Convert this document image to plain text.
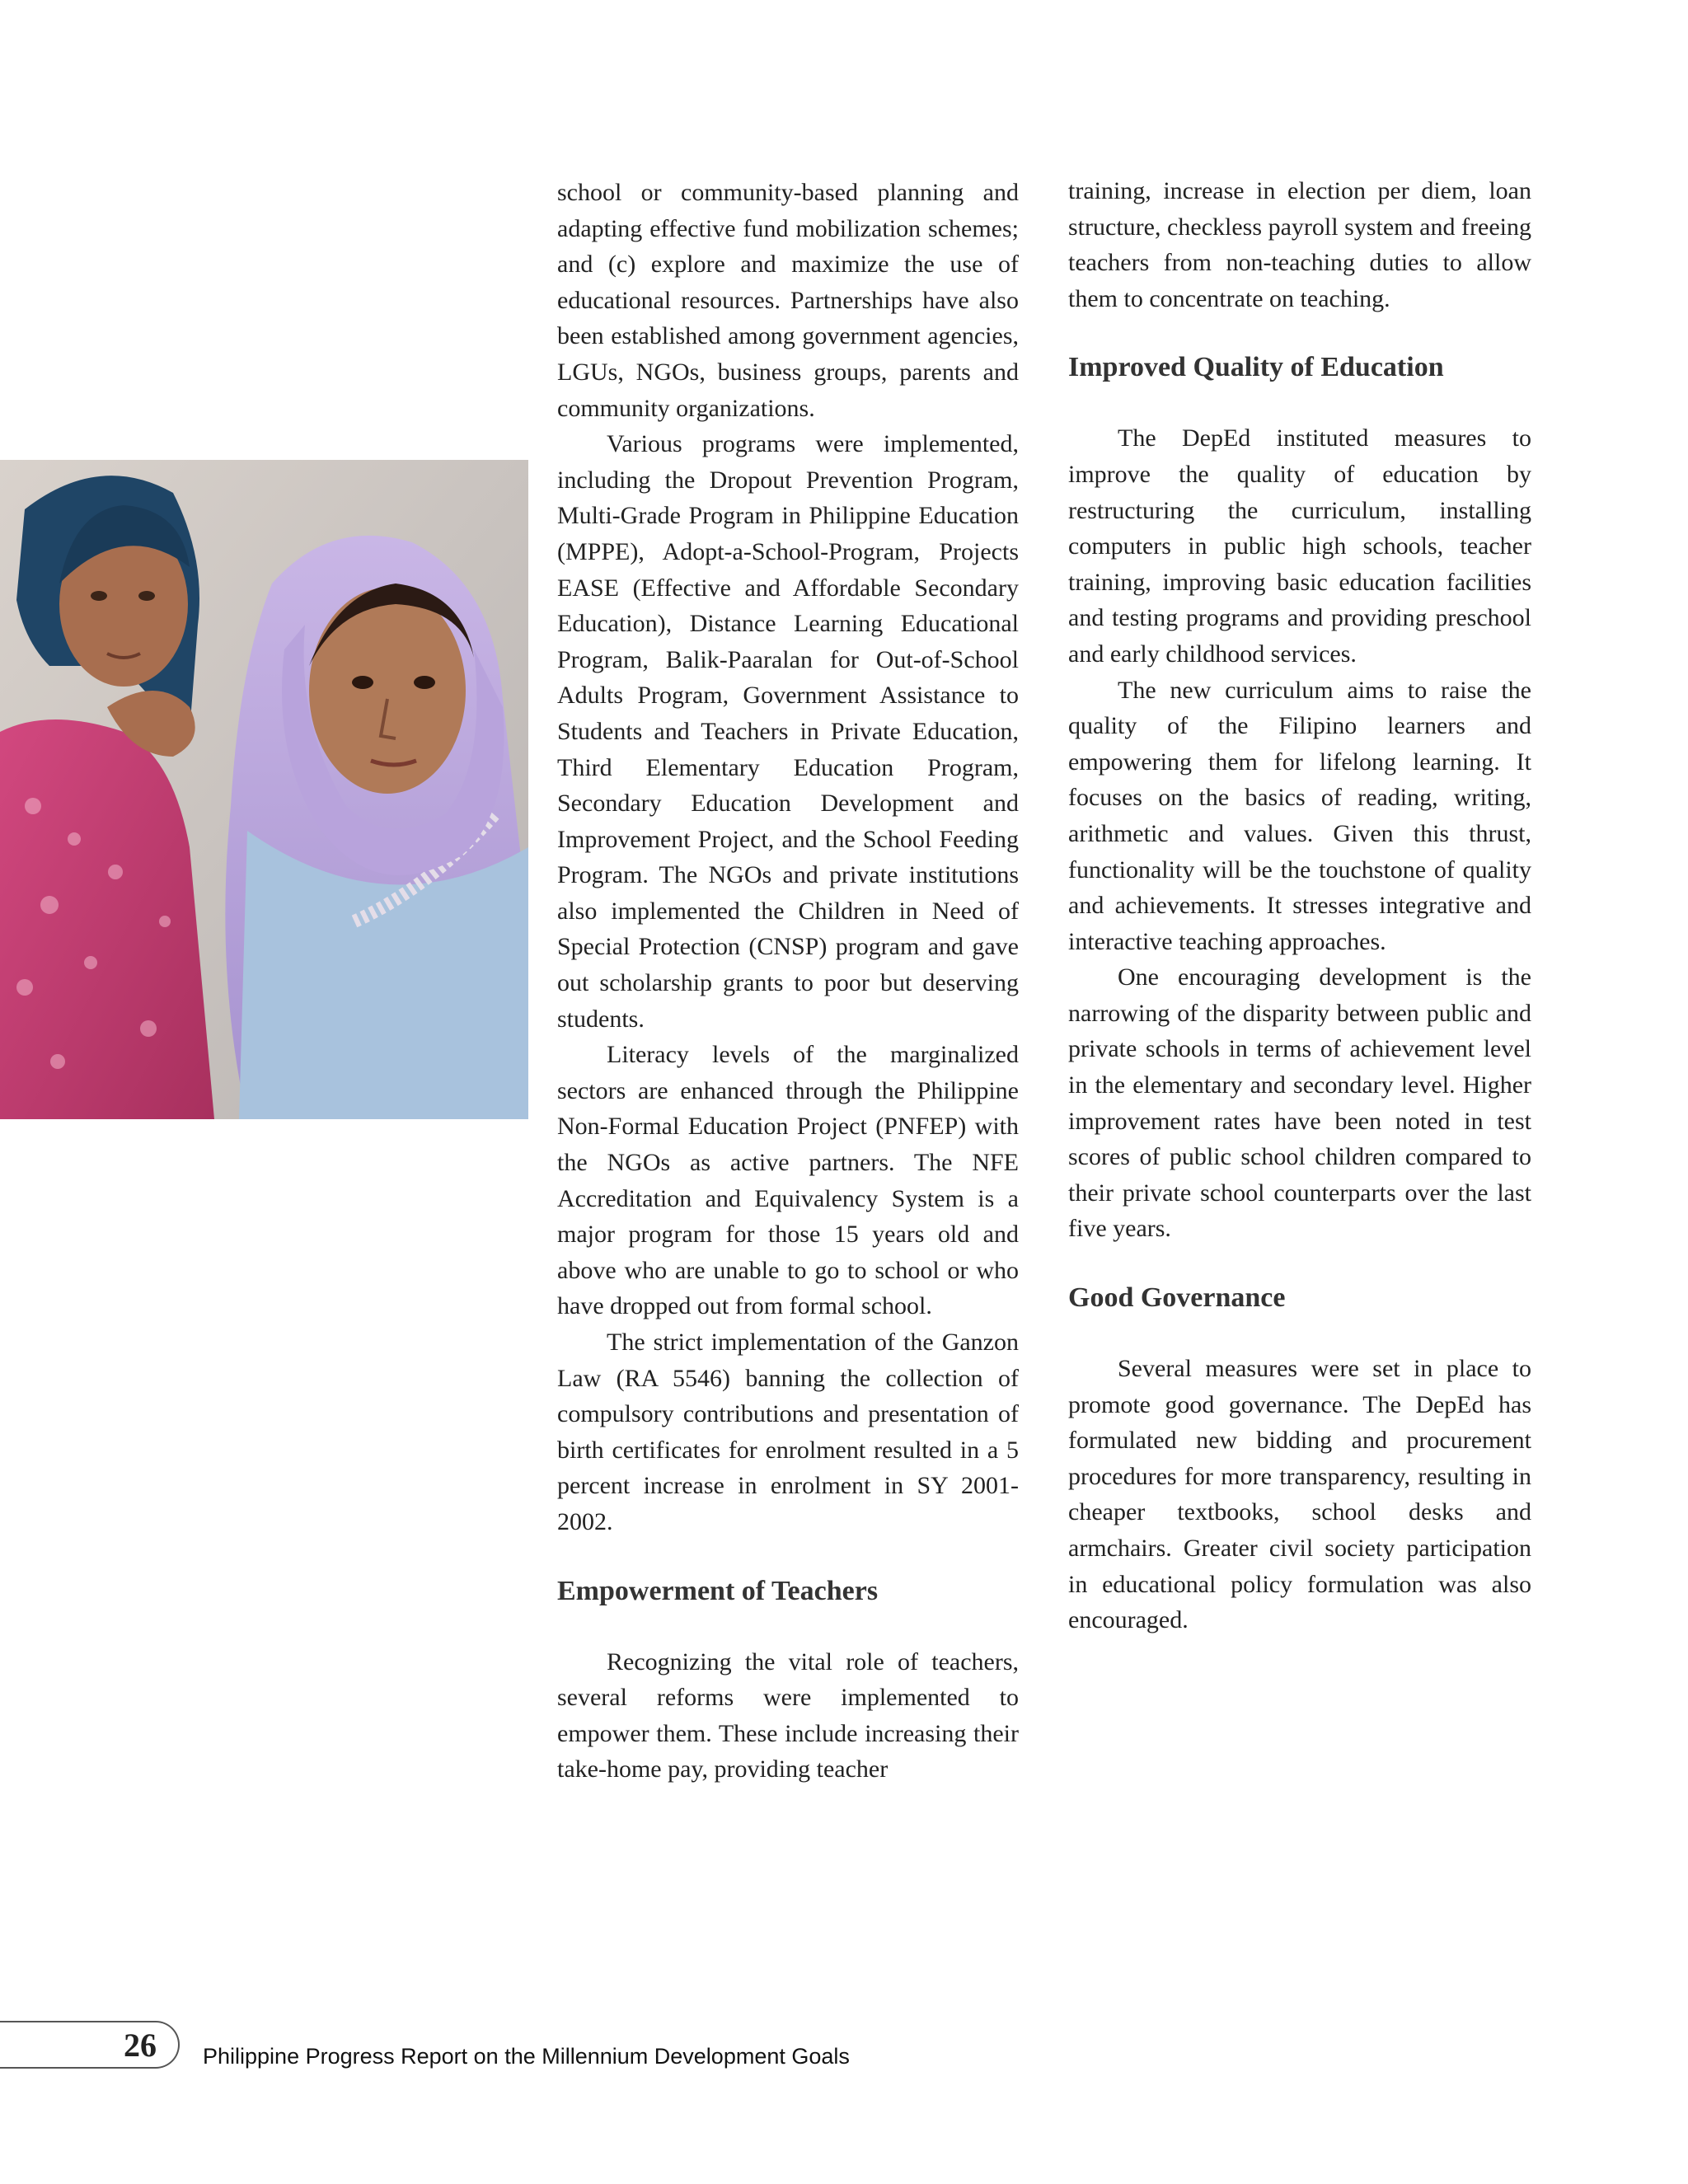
school or community-based planning and adapting effective fund mobilization schemes; and (c) explore and maximize the use of educational resources. Partnerships have also been established among government agencies, LGUs, NGOs, business groups, parents and community organizations.

Various programs were implemented, including the Dropout Prevention Program, Multi-Grade Program in Philippine Education (MPPE), Adopt-a-School-Program, Projects EASE (Effective and Affordable Secondary Education), Distance Learning Educational Program, Balik-Paaralan for Out-of-School Adults Program, Government Assistance to Students and Teachers in Private Education, Third Elementary Education Program, Secondary Education Development and Improvement Project, and the School Feeding Program. The NGOs and private institutions also implemented the Children in Need of Special Protection (CNSP) program and gave out scholarship grants to poor but deserving students.

Literacy levels of the marginalized sectors are enhanced through the Philippine Non-Formal Education Project (PNFEP) with the NGOs as active partners. The NFE Accreditation and Equivalency System is a major program for those 15 years old and above who are unable to go to school or who have dropped out from formal school.

The strict implementation of the Ganzon Law (RA 5546) banning the collection of compulsory contributions and presentation of birth certificates for enrolment resulted in a 5 percent increase in enrolment in SY 2001-2002.

Empowerment of Teachers

Recognizing the vital role of teachers, several reforms were implemented to empower them. These include increasing their take-home pay, providing teacher

training, increase in election per diem, loan structure, checkless payroll system and freeing teachers from non-teaching duties to allow them to concentrate on teaching.

Improved Quality of Education

The DepEd instituted measures to improve the quality of education by restructuring the curriculum, installing computers in public high schools, teacher training, improving basic education facilities and testing programs and providing preschool and early childhood services.

The new curriculum aims to raise the quality of the Filipino learners and empowering them for lifelong learning. It focuses on the basics of reading, writing, arithmetic and values. Given this thrust, functionality will be the touchstone of quality and achievements. It stresses integrative and interactive teaching approaches.

One encouraging development is the narrowing of the disparity between public and private schools in terms of achievement level in the elementary and secondary level. Higher improvement rates have been noted in test scores of public school children compared to their private school counterparts over the last five years.

Good Governance

Several measures were set in place to promote good governance. The DepEd has formulated new bidding and procurement procedures for more transparency, resulting in cheaper textbooks, school desks and armchairs. Greater civil society participation in educational policy formulation was also encouraged.

26 Philippine Progress Report on the Millennium Development Goals
